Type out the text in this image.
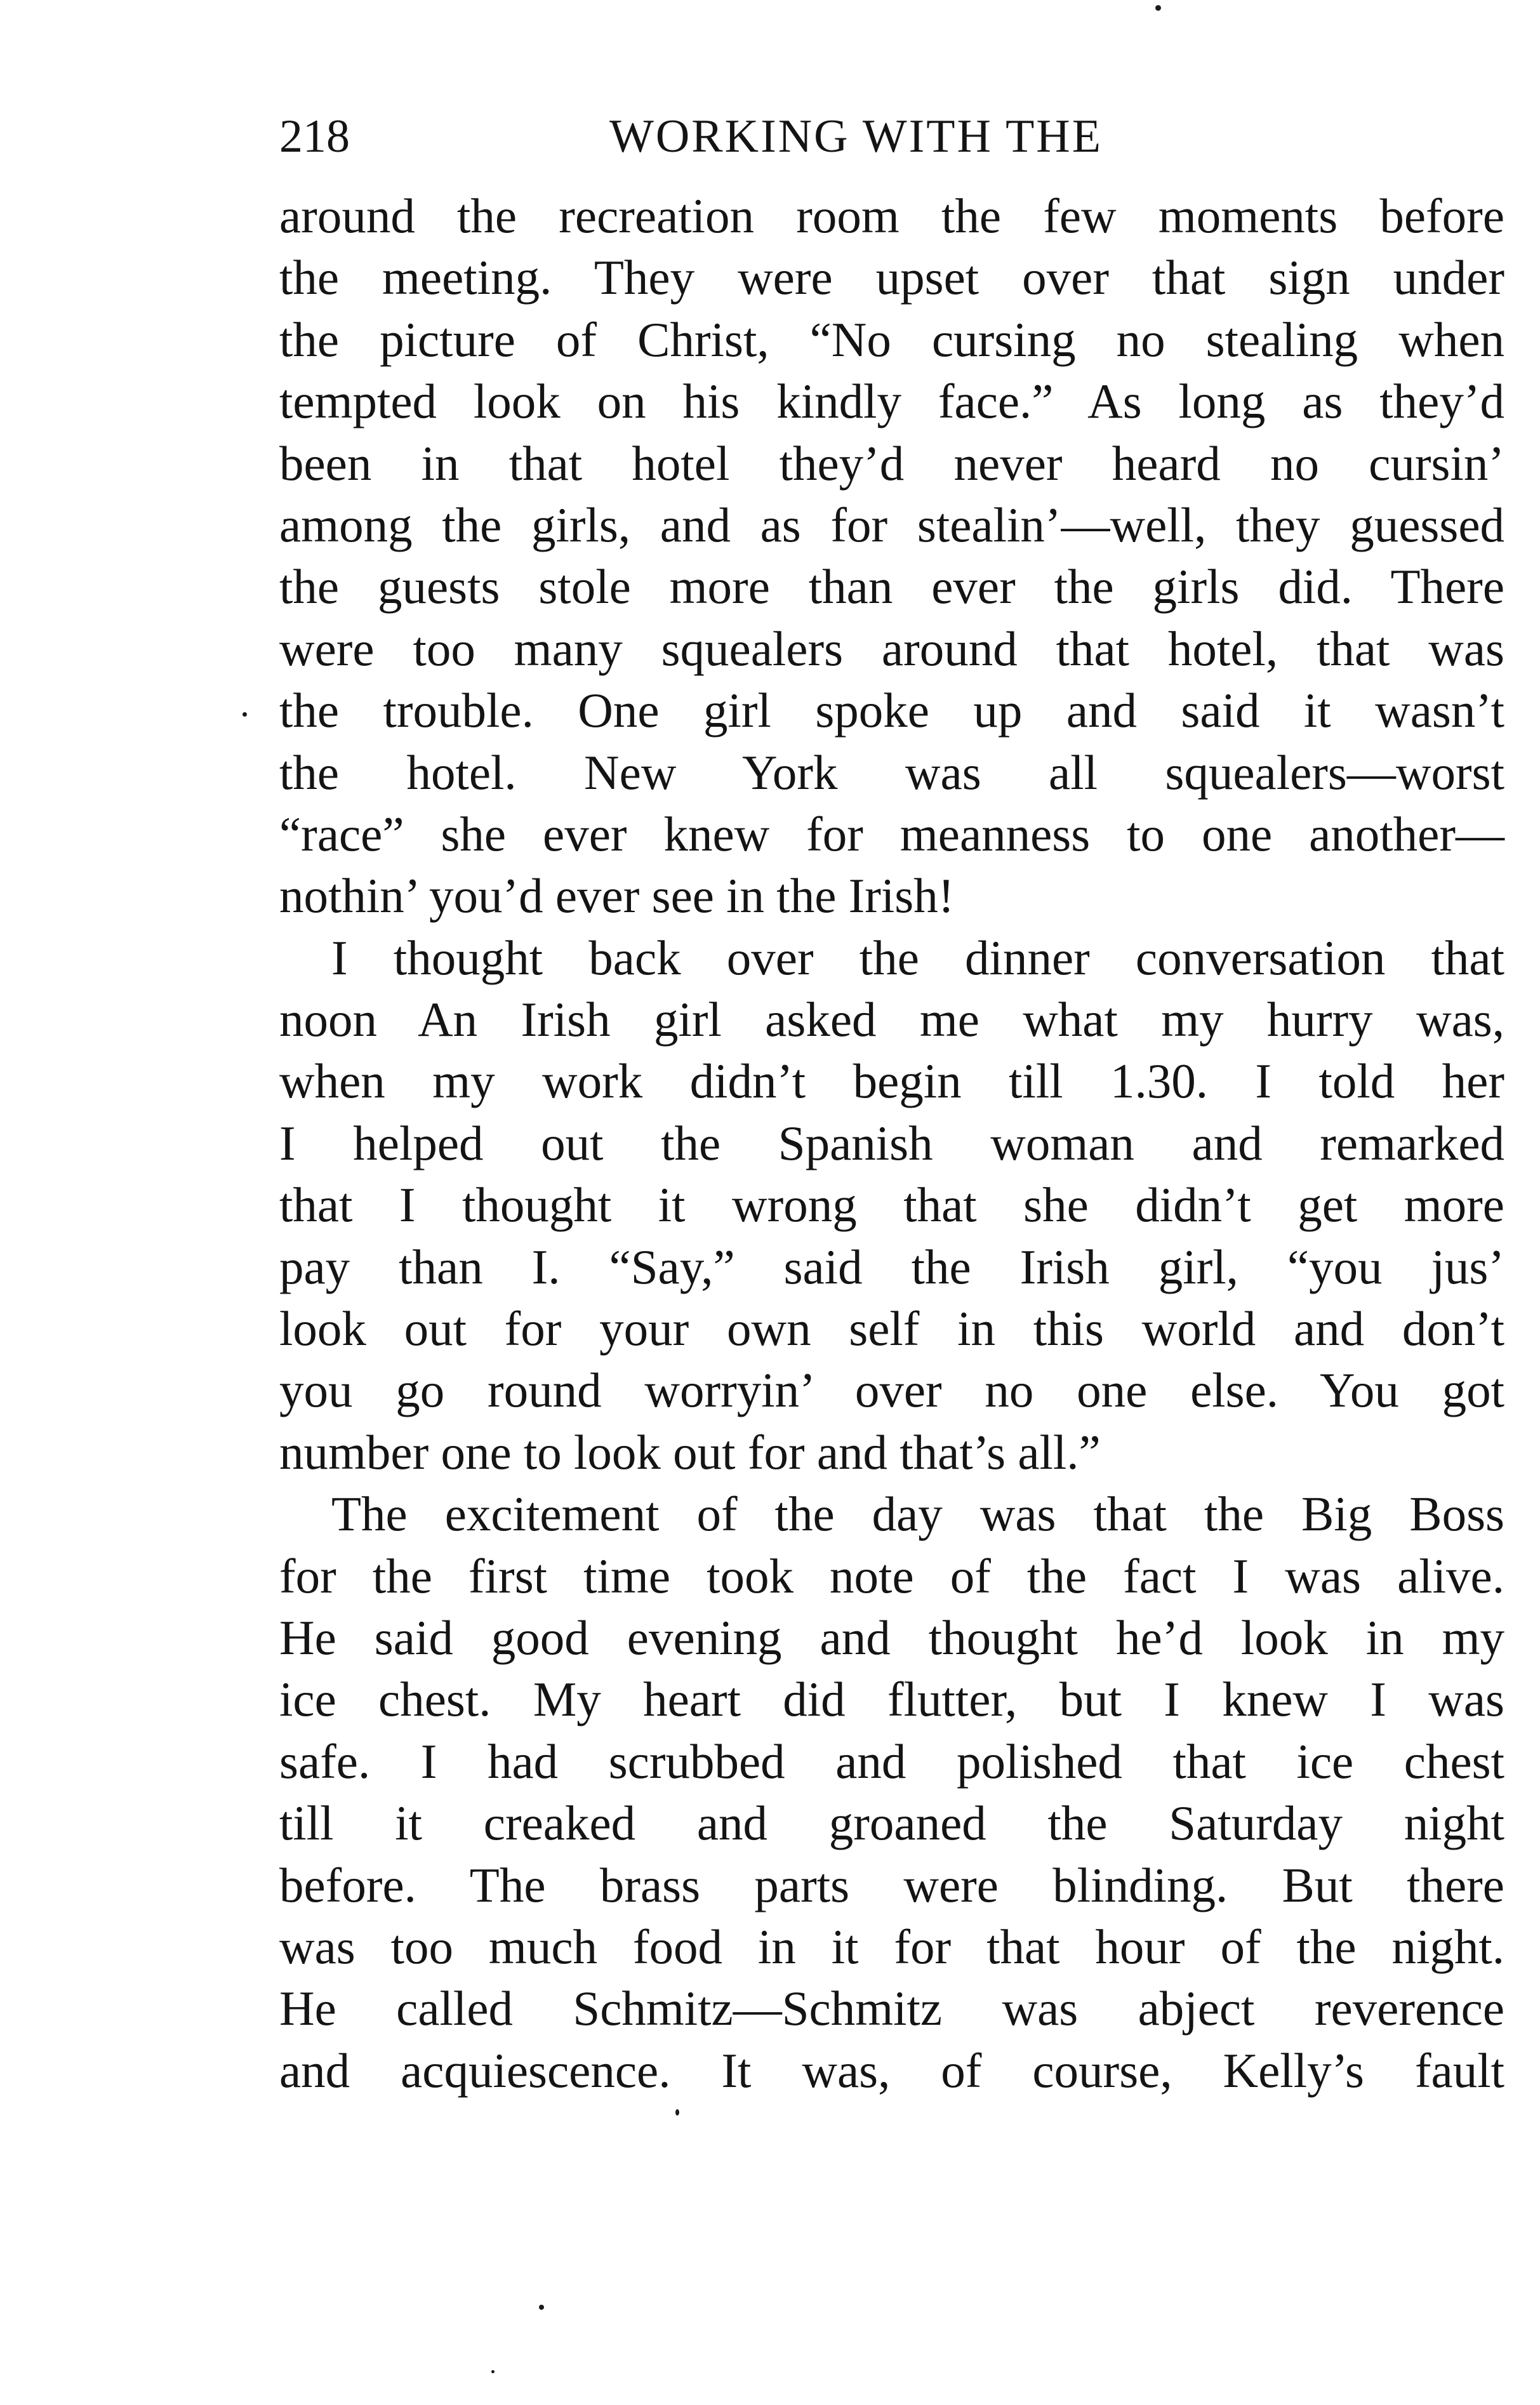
218	WORKING WITH THE
around the recreation room the few moments before
the meeting. They were upset over that sign under
the picture of Christ, “No cursing no stealing when
tempted look on his kindly face.” As long as they’d
been in that hotel they’d never heard no cursin’
among the girls, and as for stealin’—well, they guessed
the guests stole more than ever the girls did. There
were too many squealers around that hotel, that was
the trouble. One girl spoke up and said it wasn’t
the hotel. New York was all squealers—worst
“race” she ever knew for meanness to one another—
nothin’ you’d ever see in the Irish!
I thought back over the dinner conversation that
noon An Irish girl asked me what my hurry was,
when my work didn’t begin till 1.30. I told her
I helped out the Spanish woman and remarked
that I thought it wrong that she didn’t get more
pay than I. “Say,” said the Irish girl, “you jus’
look out for your own self in this world and don’t
you go round worryin’ over no one else. You got
number one to look out for and that’s all.”
The excitement of the day was that the Big Boss
for the first time took note of the fact I was alive.
He said good evening and thought he’d look in my
ice chest. My heart did flutter, but I knew I was
safe. I had scrubbed and polished that ice chest
till it creaked and groaned the Saturday night
before. The brass parts were blinding. But there
was too much food in it for that hour of the night.
He called Schmitz—Schmitz was abject reverence
and acquiescence. It was, of course, Kelly’s fault
